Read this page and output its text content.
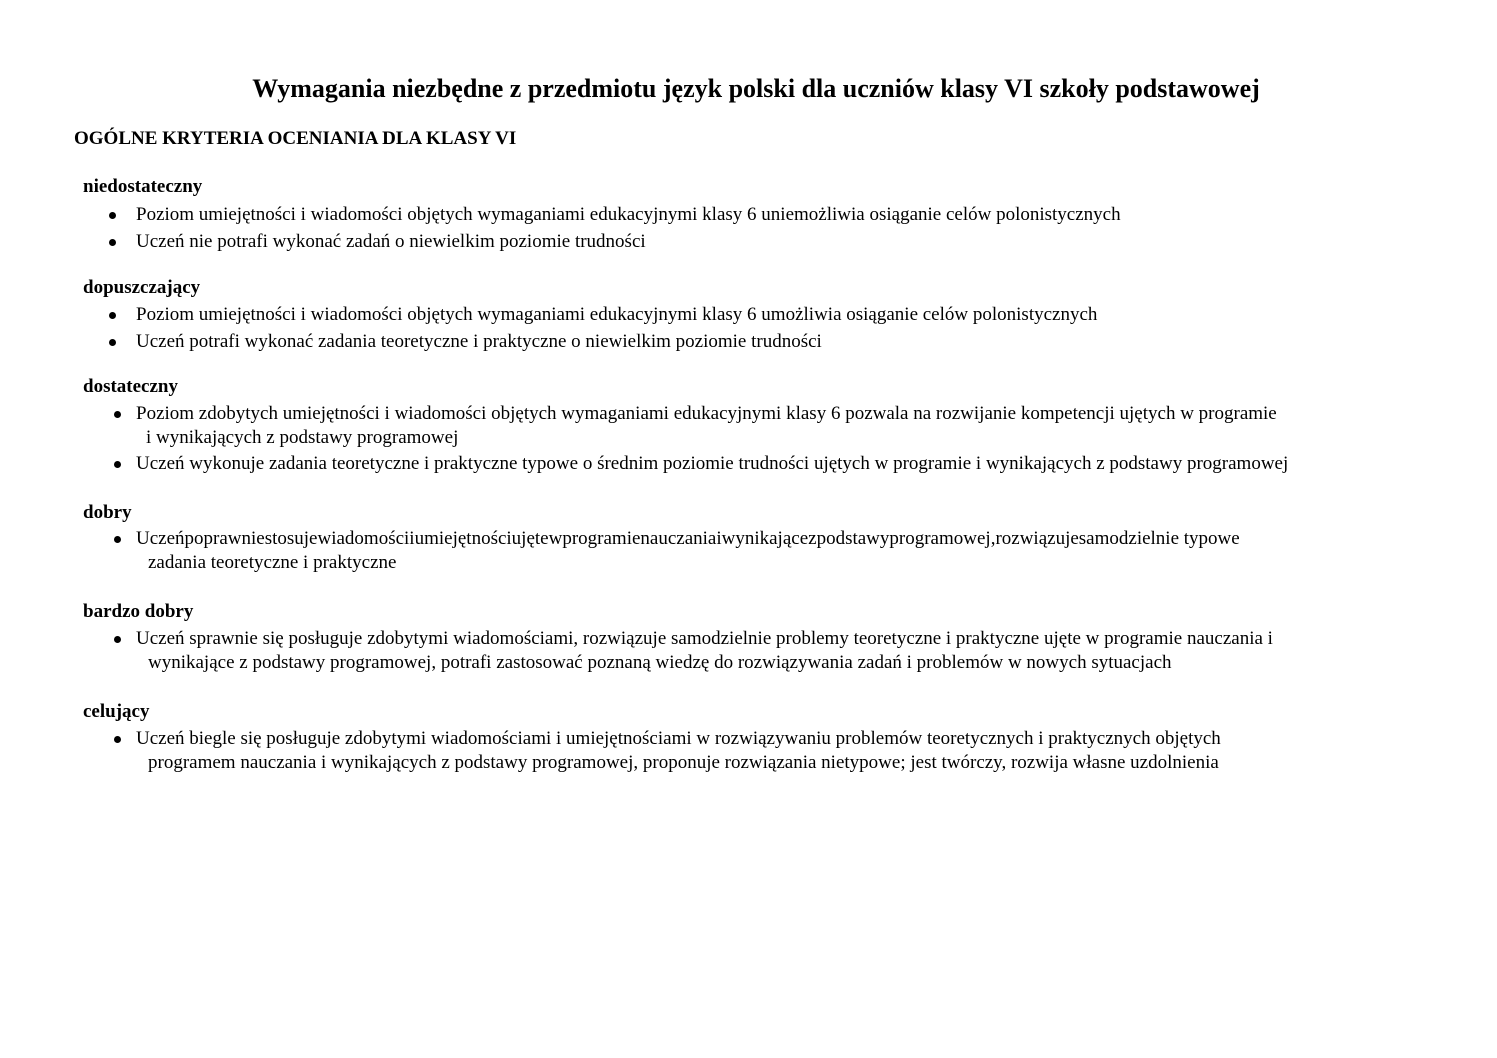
Wymagania niezbędne z przedmiotu język polski dla uczniów klasy VI szkoły podstawowej
OGÓLNE KRYTERIA OCENIANIA DLA KLASY VI
niedostateczny
Poziom umiejętności i wiadomości objętych wymaganiami edukacyjnymi klasy 6 uniemożliwia osiąganie celów polonistycznych
Uczeń nie potrafi wykonać zadań o niewielkim poziomie trudności
dopuszczający
Poziom umiejętności i wiadomości objętych wymaganiami edukacyjnymi klasy 6 umożliwia osiąganie celów polonistycznych
Uczeń potrafi wykonać zadania teoretyczne i praktyczne o niewielkim poziomie trudności
dostateczny
Poziom zdobytych umiejętności i wiadomości objętych wymaganiami edukacyjnymi klasy 6 pozwala na rozwijanie kompetencji ujętych w programie
i wynikających z podstawy programowej
Uczeń wykonuje zadania teoretyczne i praktyczne typowe o średnim poziomie trudności ujętych w programie i wynikających z podstawy programowej
dobry
Uczeńpoprawniestosujewiadomościiumiejętnościujętewprogramienauczaniaiwynikającezpodstawyprogramowej,rozwiązujesamodzielnie typowe
zadania teoretyczne i praktyczne
bardzo dobry
Uczeń sprawnie się posługuje zdobytymi wiadomościami, rozwiązuje samodzielnie problemy teoretyczne i praktyczne ujęte w programie nauczania i
wynikające z podstawy programowej, potrafi zastosować poznaną wiedzę do rozwiązywania zadań i problemów w nowych sytuacjach
celujący
Uczeń biegle się posługuje zdobytymi wiadomościami i umiejętnościami w rozwiązywaniu problemów teoretycznych i praktycznych objętych
programem nauczania i wynikających z podstawy programowej, proponuje rozwiązania nietypowe; jest twórczy, rozwija własne uzdolnienia
